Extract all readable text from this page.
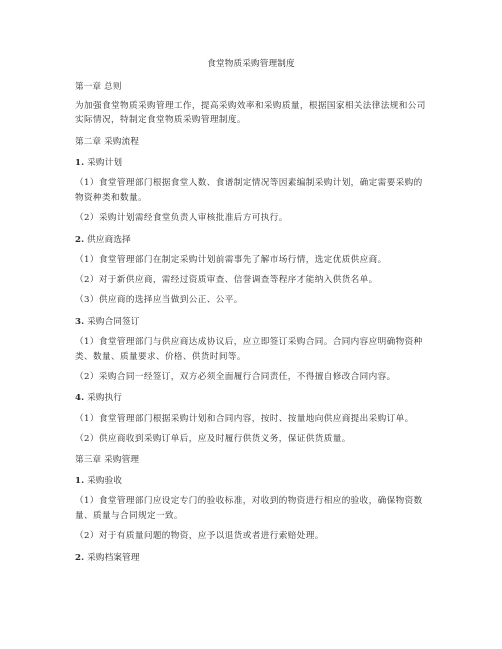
食堂物质采购管理制度
第一章 总则
为加强食堂物质采购管理工作，提高采购效率和采购质量，根据国家相关法律法规和公司
实际情况，特制定食堂物质采购管理制度。
第二章 采购流程
1. 采购计划
（1）食堂管理部门根据食堂人数、食谱制定情况等因素编制采购计划，确定需要采购的
物资种类和数量。
（2）采购计划需经食堂负责人审核批准后方可执行。
2. 供应商选择
（1）食堂管理部门在制定采购计划前需事先了解市场行情，选定优质供应商。
（2）对于新供应商，需经过资质审查、信誉调查等程序才能纳入供货名单。
（3）供应商的选择应当做到公正、公平。
3. 采购合同签订
（1）食堂管理部门与供应商达成协议后，应立即签订采购合同。合同内容应明确物资种
类、数量、质量要求、价格、供货时间等。
（2）采购合同一经签订，双方必须全面履行合同责任，不得擅自修改合同内容。
4. 采购执行
（1）食堂管理部门根据采购计划和合同内容，按时、按量地向供应商提出采购订单。
（2）供应商收到采购订单后，应及时履行供货义务，保证供货质量。
第三章 采购管理
1. 采购验收
（1）食堂管理部门应设定专门的验收标准，对收到的物资进行相应的验收，确保物资数
量、质量与合同规定一致。
（2）对于有质量问题的物资，应予以退货或者进行索赔处理。
2. 采购档案管理
